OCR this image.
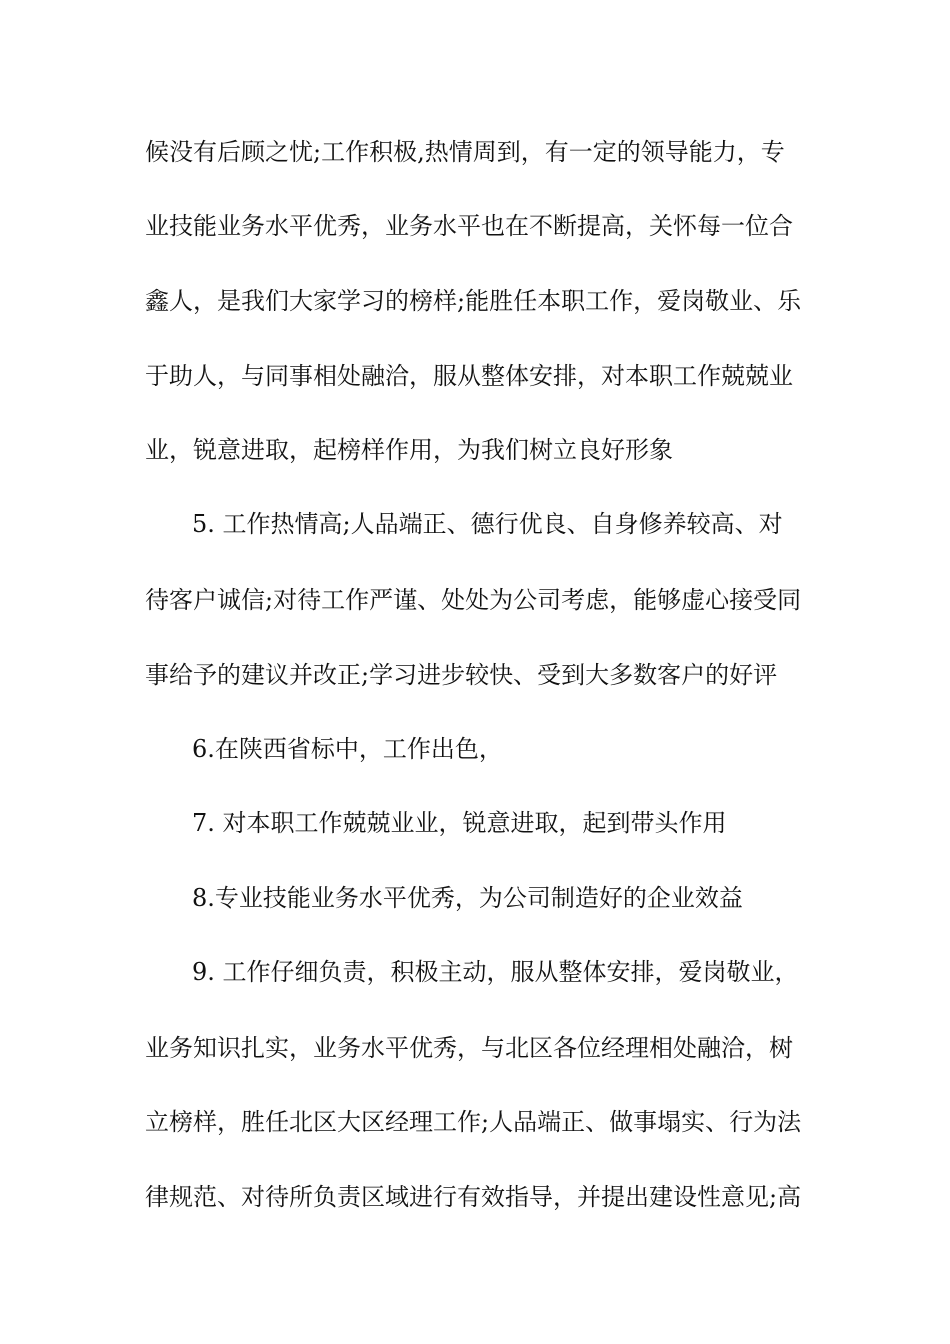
候没有后顾之忧;工作积极,热情周到，有一定的领导能力，专
业技能业务水平优秀，业务水平也在不断提高，关怀每一位合
鑫人，是我们大家学习的榜样;能胜任本职工作，爱岗敬业、乐
于助人，与同事相处融洽，服从整体安排，对本职工作兢兢业
业，锐意进取，起榜样作用，为我们树立良好形象
5. 工作热情高;人品端正、德行优良、自身修养较高、对
待客户诚信;对待工作严谨、处处为公司考虑，能够虚心接受同
事给予的建议并改正;学习进步较快、受到大多数客户的好评
6.在陕西省标中，工作出色，
7. 对本职工作兢兢业业，锐意进取，起到带头作用
8.专业技能业务水平优秀，为公司制造好的企业效益
9. 工作仔细负责，积极主动，服从整体安排，爱岗敬业，
业务知识扎实，业务水平优秀，与北区各位经理相处融洽，树
立榜样，胜任北区大区经理工作;人品端正、做事塌实、行为法
律规范、对待所负责区域进行有效指导，并提出建设性意见;高
